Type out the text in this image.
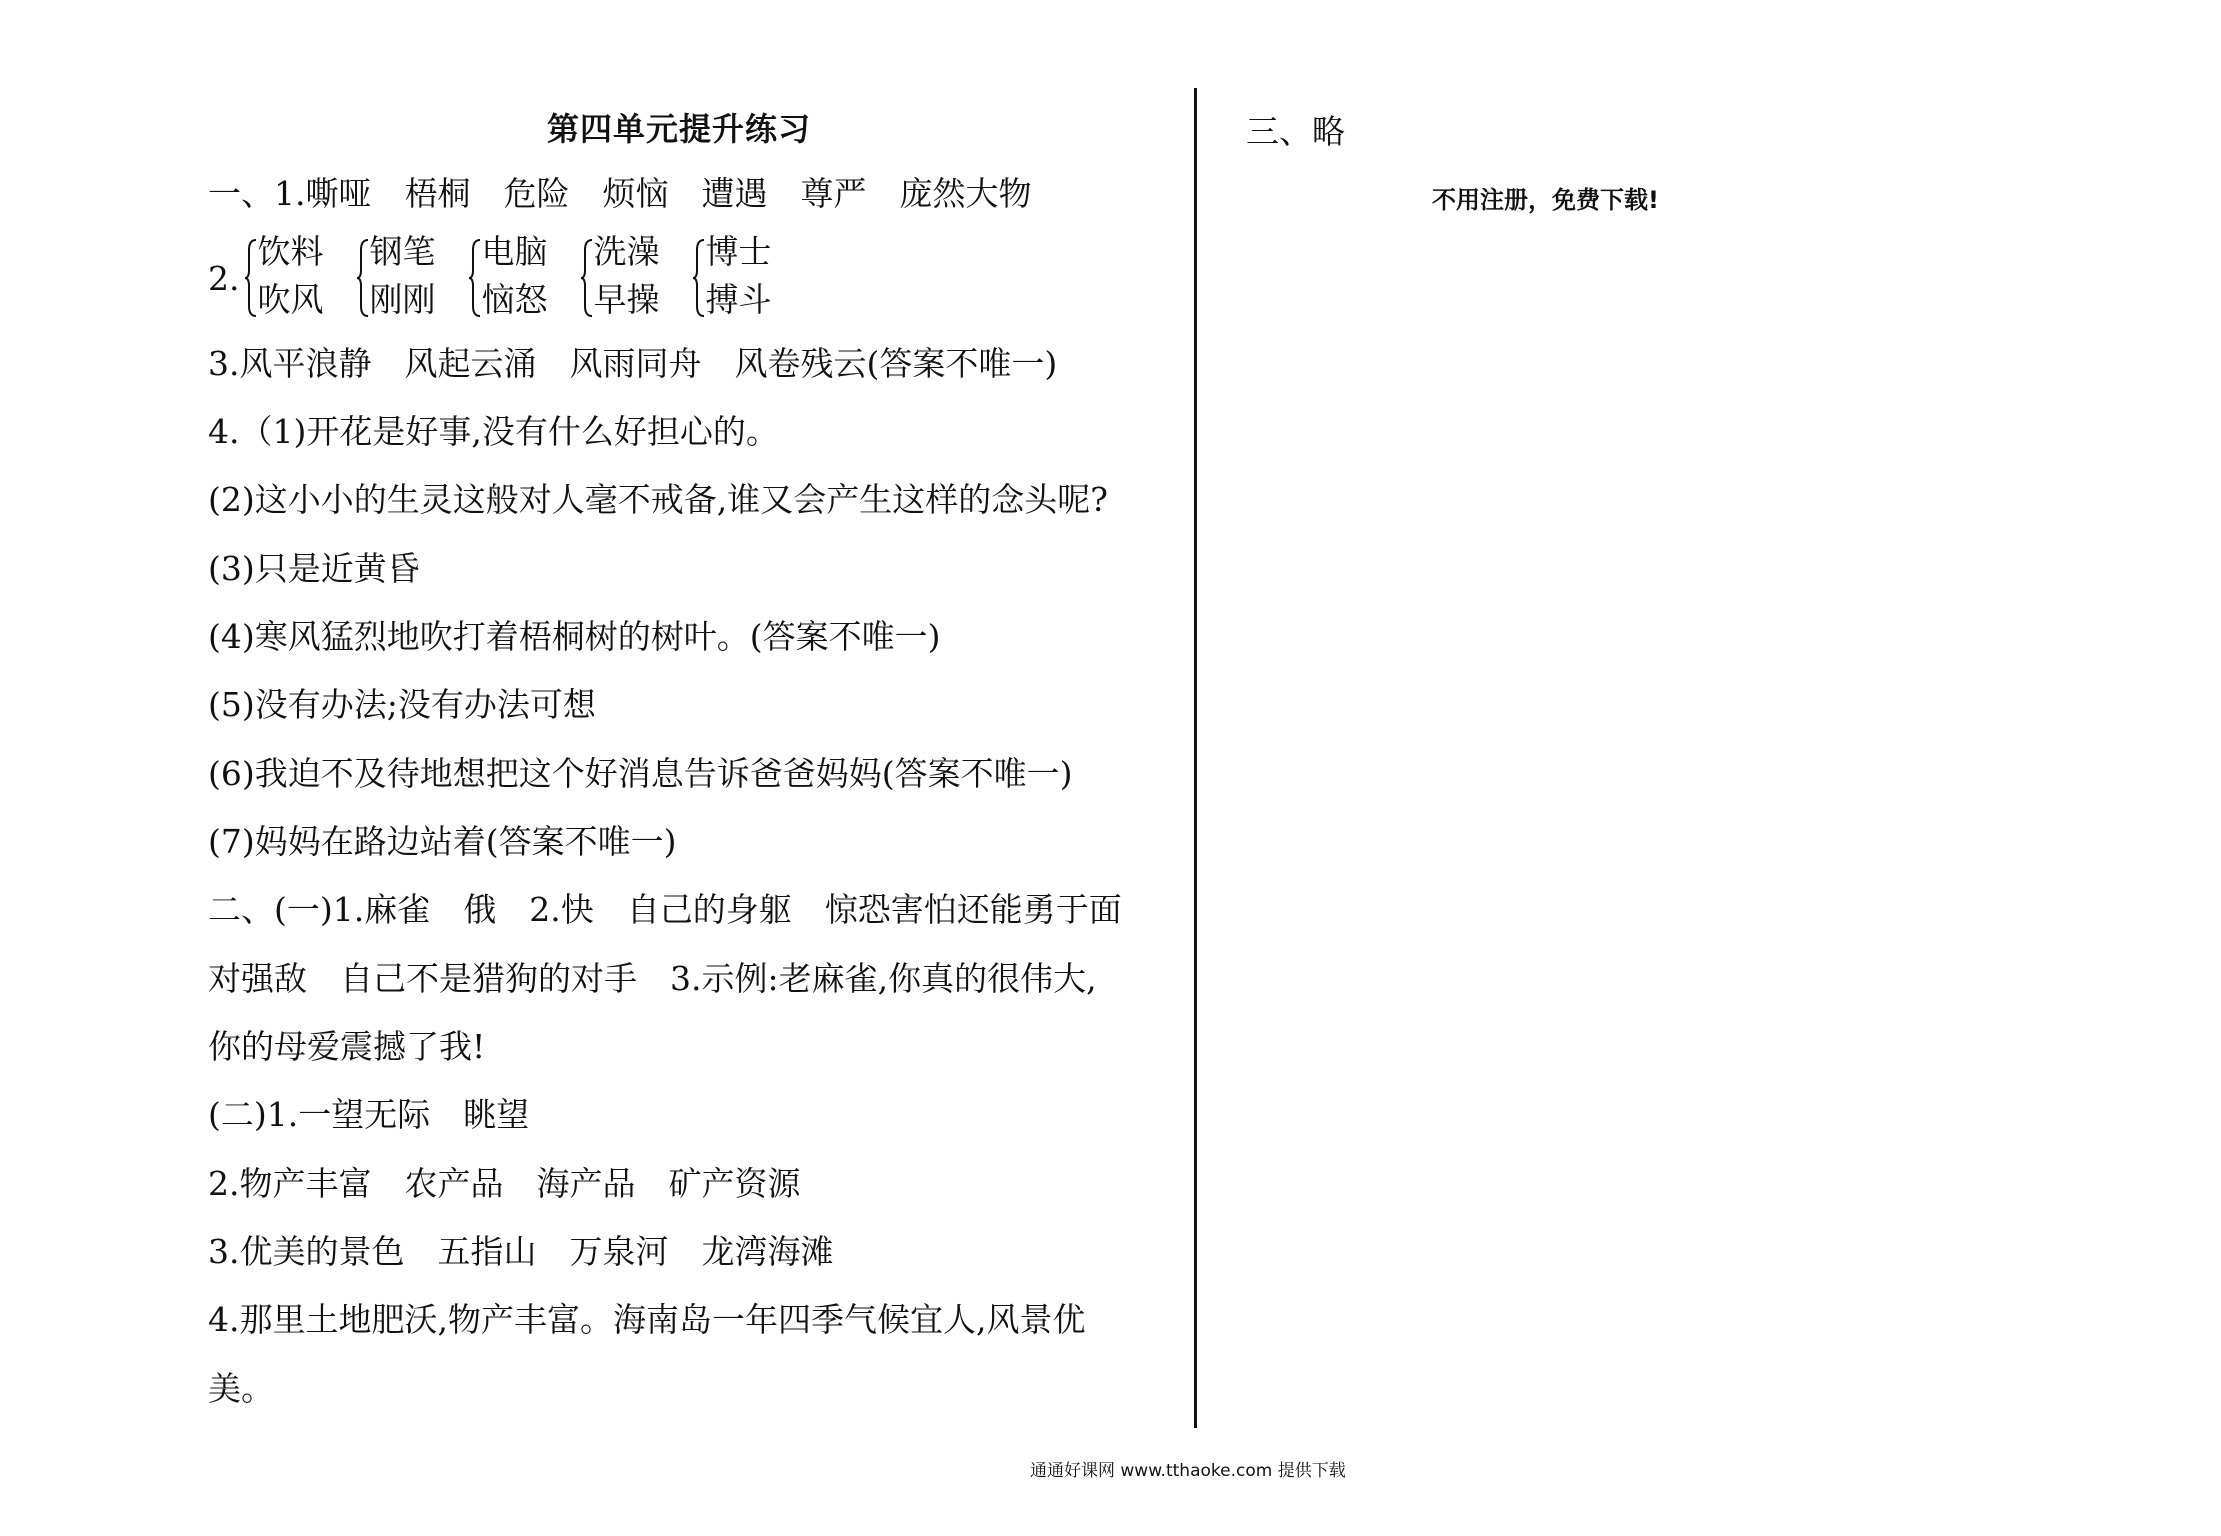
第四单元提升练习
一、1.嘶哑　梧桐　危险　烦恼　遭遇　尊严　庞然大物
2.
饮料
吹风
钢笔
刚刚
电脑
恼怒
洗澡
早操
博士
搏斗
3.风平浪静　风起云涌　风雨同舟　风卷残云(答案不唯一)
4.（1)开花是好事,没有什么好担心的。
(2)这小小的生灵这般对人毫不戒备,谁又会产生这样的念头呢?
(3)只是近黄昏
(4)寒风猛烈地吹打着梧桐树的树叶。(答案不唯一)
(5)没有办法;没有办法可想
(6)我迫不及待地想把这个好消息告诉爸爸妈妈(答案不唯一)
(7)妈妈在路边站着(答案不唯一)
二、(一)1.麻雀　俄　2.快　自己的身躯　惊恐害怕还能勇于面
对强敌　自己不是猎狗的对手　3.示例:老麻雀,你真的很伟大,
你的母爱震撼了我!
(二)1.一望无际　眺望
2.物产丰富　农产品　海产品　矿产资源
3.优美的景色　五指山　万泉河　龙湾海滩
4.那里土地肥沃,物产丰富。海南岛一年四季气候宜人,风景优
美。
三、略
不用注册，免费下载!
通通好课网 www.tthaoke.com 提供下载
